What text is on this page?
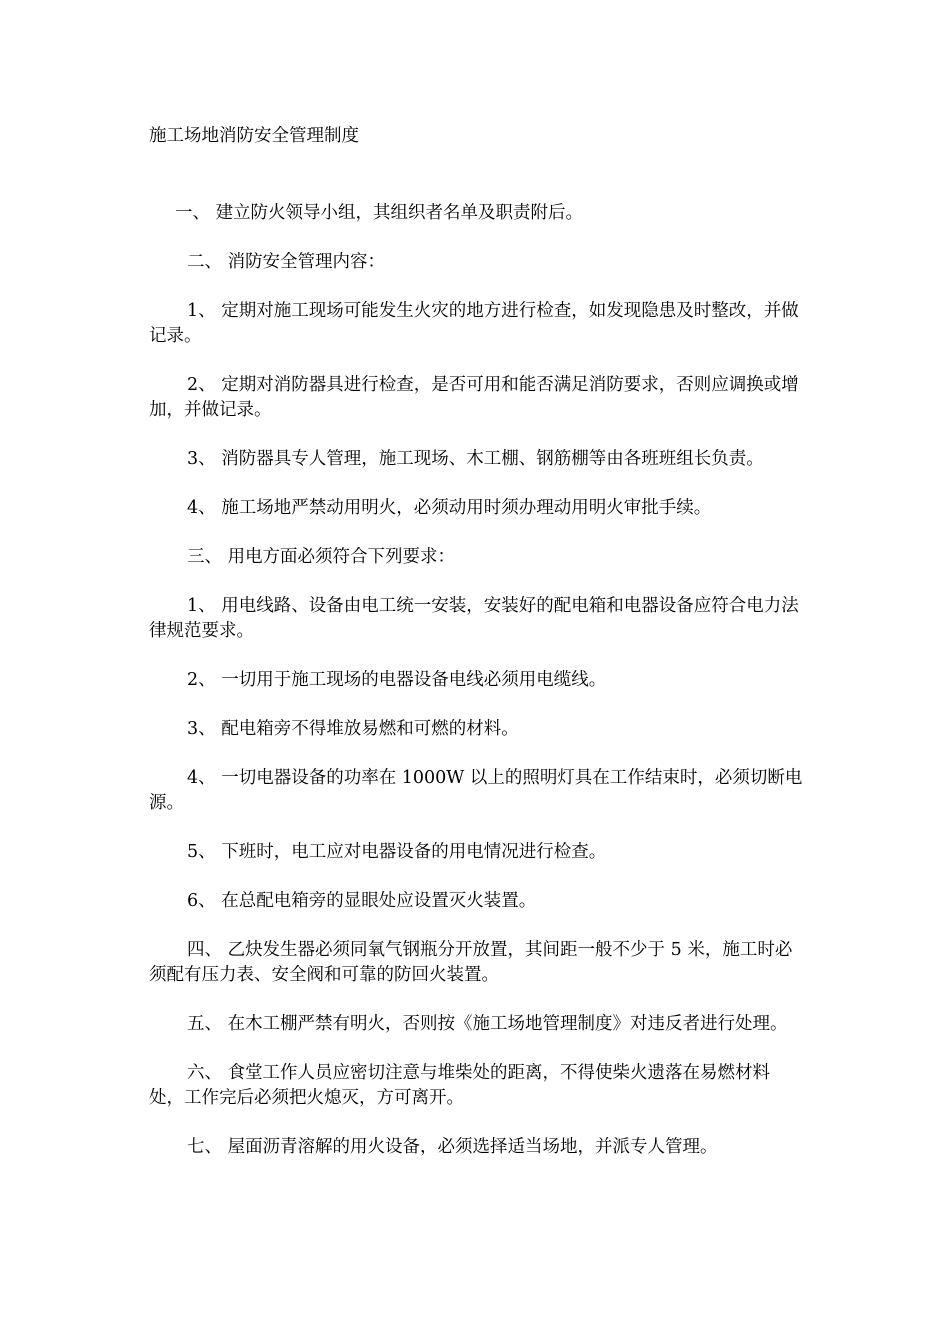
施工场地消防安全管理制度

一、 建立防火领导小组，其组织者名单及职责附后。

二、 消防安全管理内容：

1、 定期对施工现场可能发生火灾的地方进行检查，如发现隐患及时整改，并做记录。

2、 定期对消防器具进行检查，是否可用和能否满足消防要求，否则应调换或增加，并做记录。

3、 消防器具专人管理，施工现场、木工棚、钢筋棚等由各班班组长负责。

4、 施工场地严禁动用明火，必须动用时须办理动用明火审批手续。

三、 用电方面必须符合下列要求：

1、 用电线路、设备由电工统一安装，安装好的配电箱和电器设备应符合电力法律规范要求。

2、 一切用于施工现场的电器设备电线必须用电缆线。

3、 配电箱旁不得堆放易燃和可燃的材料。

4、 一切电器设备的功率在 1000W 以上的照明灯具在工作结束时，必须切断电源。

5、 下班时，电工应对电器设备的用电情况进行检查。

6、 在总配电箱旁的显眼处应设置灭火装置。

四、 乙炔发生器必须同氧气钢瓶分开放置，其间距一般不少于 5 米，施工时必须配有压力表、安全阀和可靠的防回火装置。

五、 在木工棚严禁有明火，否则按《施工场地管理制度》对违反者进行处理。

六、 食堂工作人员应密切注意与堆柴处的距离，不得使柴火遗落在易燃材料处，工作完后必须把火熄灭，方可离开。

七、 屋面沥青溶解的用火设备，必须选择适当场地，并派专人管理。
